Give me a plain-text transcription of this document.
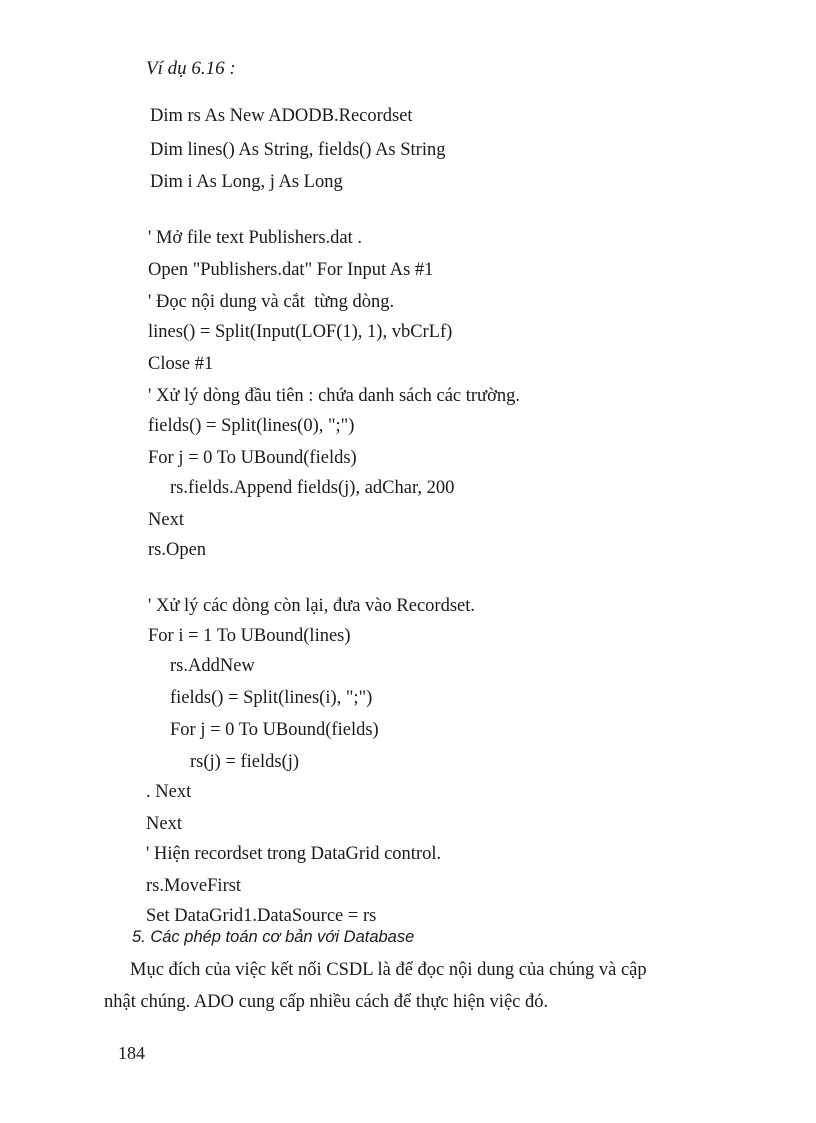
Ví dụ 6.16 :
Dim rs As New ADODB.Recordset
Dim lines() As String, fields() As String
Dim i As Long, j As Long
' Mở file text Publishers.dat .
Open "Publishers.dat" For Input As #1
' Đọc nội dung và cắt  từng dòng.
lines() = Split(Input(LOF(1), 1), vbCrLf)
Close #1
' Xử lý dòng đầu tiên : chứa danh sách các trường.
fields() = Split(lines(0), ";")
For j = 0 To UBound(fields)
rs.fields.Append fields(j), adChar, 200
Next
rs.Open
' Xử lý các dòng còn lại, đưa vào Recordset.
For i = 1 To UBound(lines)
rs.AddNew
fields() = Split(lines(i), ";")
For j = 0 To UBound(fields)
rs(j) = fields(j)
. Next
Next
' Hiện recordset trong DataGrid control.
rs.MoveFirst
Set DataGrid1.DataSource = rs
5. Các phép toán cơ bản với Database
Mục đích của việc kết nối CSDL là để đọc nội dung của chúng và cập
nhật chúng. ADO cung cấp nhiều cách để thực hiện việc đó.
184
